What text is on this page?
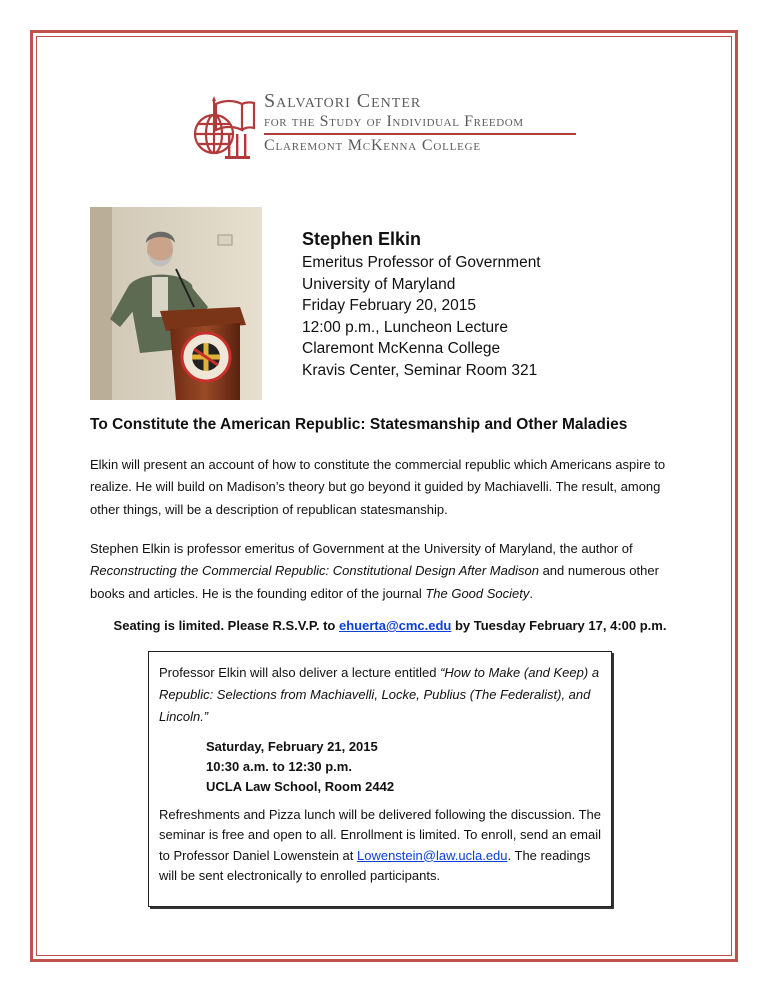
Salvatori Center
for the Study of Individual Freedom
Claremont McKenna College
Stephen Elkin
Emeritus Professor of Government
University of Maryland
Friday February 20, 2015
12:00 p.m., Luncheon Lecture
Claremont McKenna College
Kravis Center, Seminar Room 321
To Constitute the American Republic: Statesmanship and Other Maladies
Elkin will present an account of how to constitute the commercial republic which Americans aspire to realize. He will build on Madison’s theory but go beyond it guided by Machiavelli. The result, among other things, will be a description of republican statesmanship.
Stephen Elkin is professor emeritus of Government at the University of Maryland, the author of Reconstructing the Commercial Republic: Constitutional Design After Madison and numerous other books and articles. He is the founding editor of the journal The Good Society.
Seating is limited. Please R.S.V.P. to ehuerta@cmc.edu by Tuesday February 17, 4:00 p.m.

Professor Elkin will also deliver a lecture entitled “How to Make (and Keep) a Republic: Selections from Machiavelli, Locke, Publius (The Federalist), and Lincoln.”

Saturday, February 21, 2015
10:30 a.m. to 12:30 p.m.
UCLA Law School, Room 2442

Refreshments and Pizza lunch will be delivered following the discussion. The seminar is free and open to all. Enrollment is limited. To enroll, send an email to Professor Daniel Lowenstein at Lowenstein@law.ucla.edu. The readings will be sent electronically to enrolled participants.
